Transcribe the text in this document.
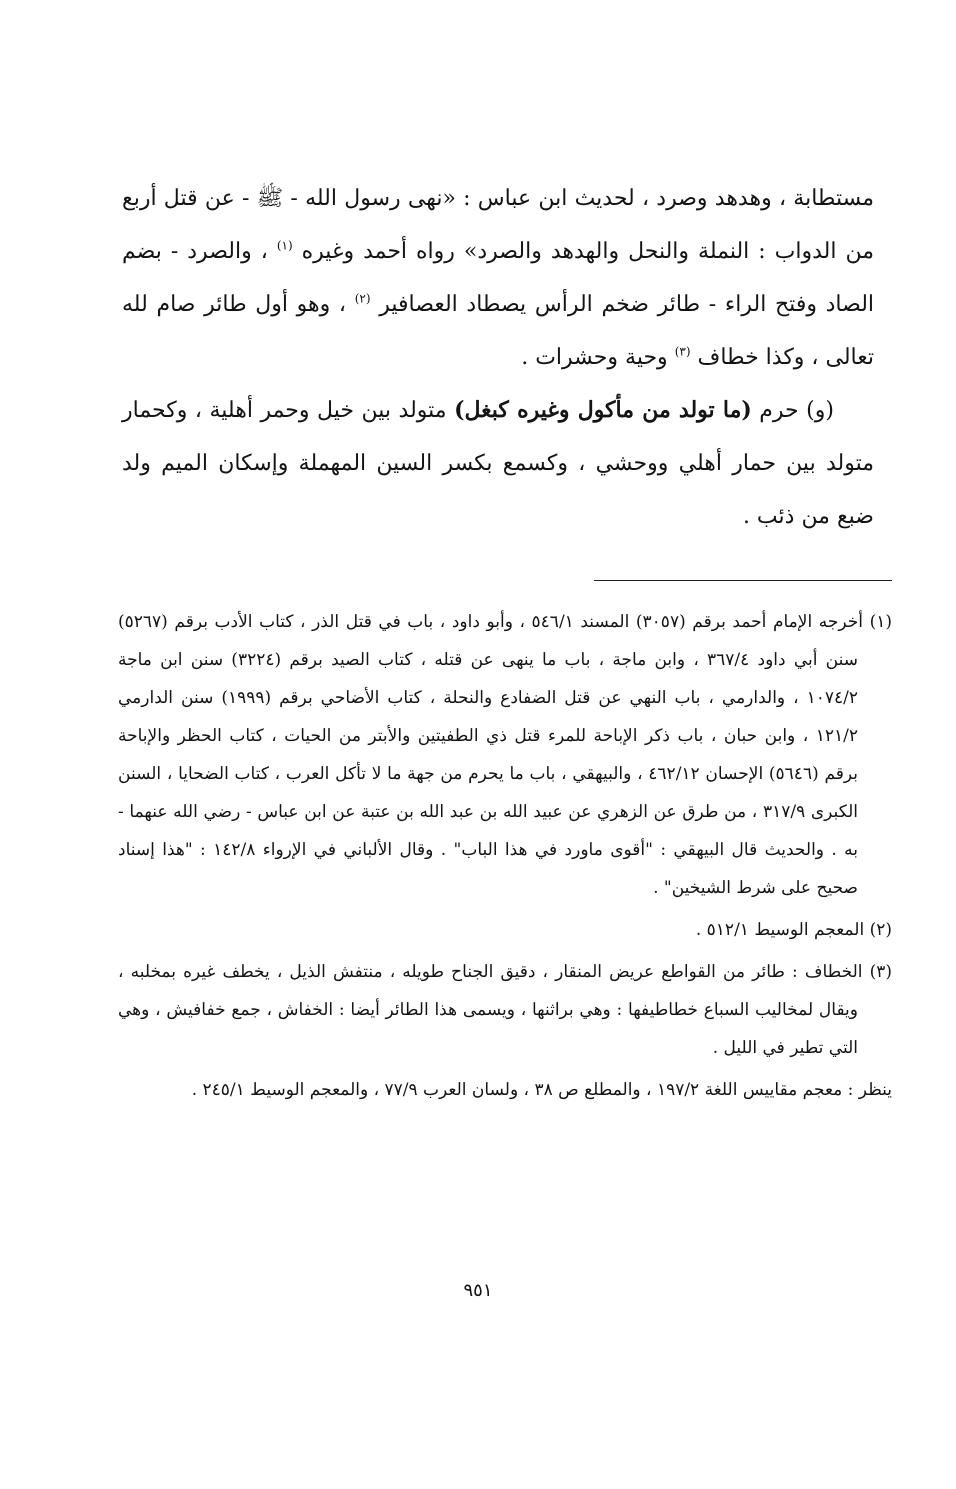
مستطابة ، وهدهد وصرد ، لحديث ابن عباس : «نهى رسول الله - ﷺ - عن قتل أربع من الدواب : النملة والنحل والهدهد والصرد» رواه أحمد وغيره $^{(١)}$ ، والصرد - بضم الصاد وفتح الراء - طائر ضخم الرأس يصطاد العصافير $^{(٢)}$ ، وهو أول طائر صام لله تعالى ، وكذا خطاف $^{(٣)}$ وحية وحشرات .

(و) حرم (ما تولد من مأكول وغيره كبغل) متولد بين خيل وحمر أهلية ، وكحمار متولد بين حمار أهلي ووحشي ، وكسمع بكسر السين المهملة وإسكان الميم ولد ضبع من ذئب .

(١) أخرجه الإمام أحمد برقم (٣٠٥٧) المسند ٥٤٦/١ ، وأبو داود ، باب في قتل الذر ، كتاب الأدب برقم (٥٢٦٧) سنن أبي داود ٣٦٧/٤ ، وابن ماجة ، باب ما ينهى عن قتله ، كتاب الصيد برقم (٣٢٢٤) سنن ابن ماجة ١٠٧٤/٢ ، والدارمي ، باب النهي عن قتل الضفادع والنحلة ، كتاب الأضاحي برقم (١٩٩٩) سنن الدارمي ١٢١/٢ ، وابن حبان ، باب ذكر الإباحة للمرء قتل ذي الطفيتين والأبتر من الحيات ، كتاب الحظر والإباحة برقم (٥٦٤٦) الإحسان ٤٦٢/١٢ ، والبيهقي ، باب ما يحرم من جهة ما لا تأكل العرب ، كتاب الضحايا ، السنن الكبرى ٣١٧/٩ ، من طرق عن الزهري عن عبيد الله بن عبد الله بن عتبة عن ابن عباس - رضي الله عنهما - به . والحديث قال البيهقي : "أقوى ماورد في هذا الباب" . وقال الألباني في الإرواء ١٤٢/٨ : "هذا إسناد صحيح على شرط الشيخين" .
(٢) المعجم الوسيط ٥١٢/١ .
(٣) الخطاف : طائر من القواطع عريض المنقار ، دقيق الجناح طويله ، منتفش الذيل ، يخطف غيره بمخلبه ، ويقال لمخاليب السباع خطاطيفها : وهي براثنها ، ويسمى هذا الطائر أيضا : الخفاش ، جمع خفافيش ، وهي التي تطير في الليل .
ينظر : معجم مقاييس اللغة ١٩٧/٢ ، والمطلع ص ٣٨ ، ولسان العرب ٧٧/٩ ، والمعجم الوسيط ٢٤٥/١ .
٩٥١
